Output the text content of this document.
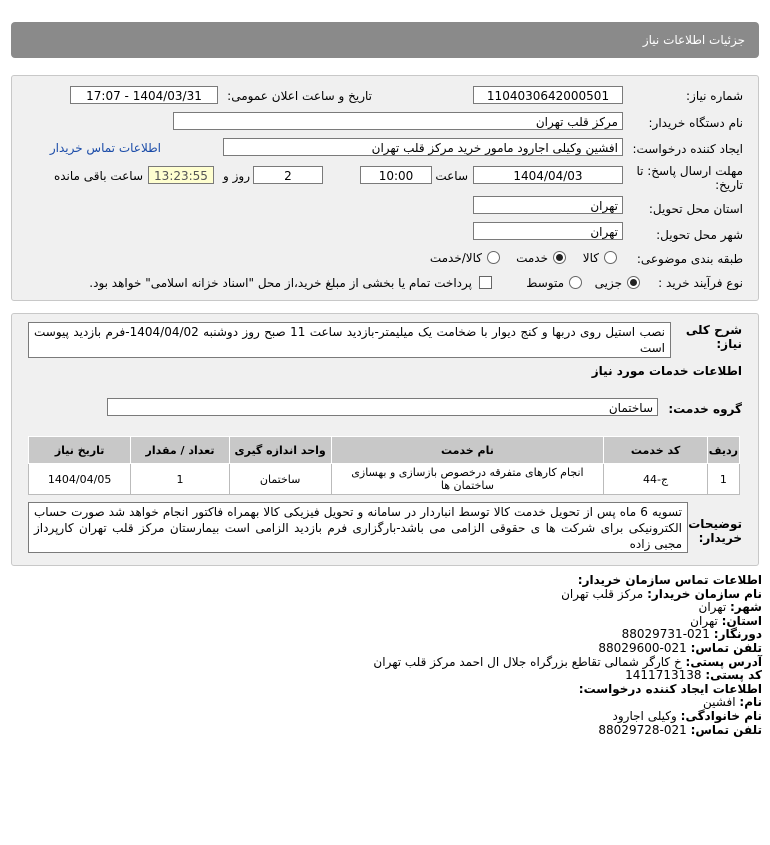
جزئیات اطلاعات نیاز
شماره نیاز:
1104030642000501
تاریخ و ساعت اعلان عمومی:
1404/03/31 - 17:07
نام دستگاه خریدار:
مرکز قلب تهران
ایجاد کننده درخواست:
افشین وکیلی اجارود مامور خرید مرکز قلب تهران
اطلاعات تماس خریدار
مهلت ارسال پاسخ: تا
تاریخ:
1404/04/03
ساعت
10:00
2
روز و
13:23:55
ساعت باقی مانده
استان محل تحویل:
تهران
شهر محل تحویل:
تهران
طبقه بندی موضوعی:
کالا
خدمت
کالا/خدمت
نوع فرآیند خرید :
جزیی
متوسط
پرداخت تمام یا بخشی از مبلغ خرید،از محل "اسناد خزانه اسلامی" خواهد بود.
شرح کلی
نیاز:
نصب استیل روی دربها و کنج دیوار با ضخامت یک میلیمتر-بازدید ساعت 11 صبح روز دوشنبه 1404/04/02-فرم بازدید پیوست است
اطلاعات خدمات مورد نیاز
گروه خدمت:
ساختمان
ردیف	کد خدمت	نام خدمت	واحد اندازه گیری	تعداد / مقدار	تاریخ نیاز
1	ج-44	انجام کارهای متفرقه درخصوص بازسازی و بهسازی ساختمان ها	ساختمان	1	1404/04/05
توضیحات
خریدار:
تسویه 6 ماه پس از تحویل خدمت کالا توسط انباردار در سامانه و تحویل فیزیکی کالا بهمراه فاکتور انجام خواهد شد صورت حساب الکترونیکی برای شرکت ها ی حقوقی الزامی می باشد-بارگزاری فرم بازدید الزامی است بیمارستان مرکز قلب تهران کارپرداز مجبی زاده
اطلاعات تماس سازمان خریدار:
نام سازمان خریدار: مرکز قلب تهران
شهر: تهران
استان: تهران
دورنگار: 021-88029731
تلفن تماس: 021-88029600
آدرس پستی: خ کارگر شمالی تقاطع بزرگراه جلال ال احمد مرکز قلب تهران
کد پستی: 1411713138
اطلاعات ایجاد کننده درخواست:
نام: افشین
نام خانوادگی: وکیلی اجارود
تلفن تماس: 021-88029728
